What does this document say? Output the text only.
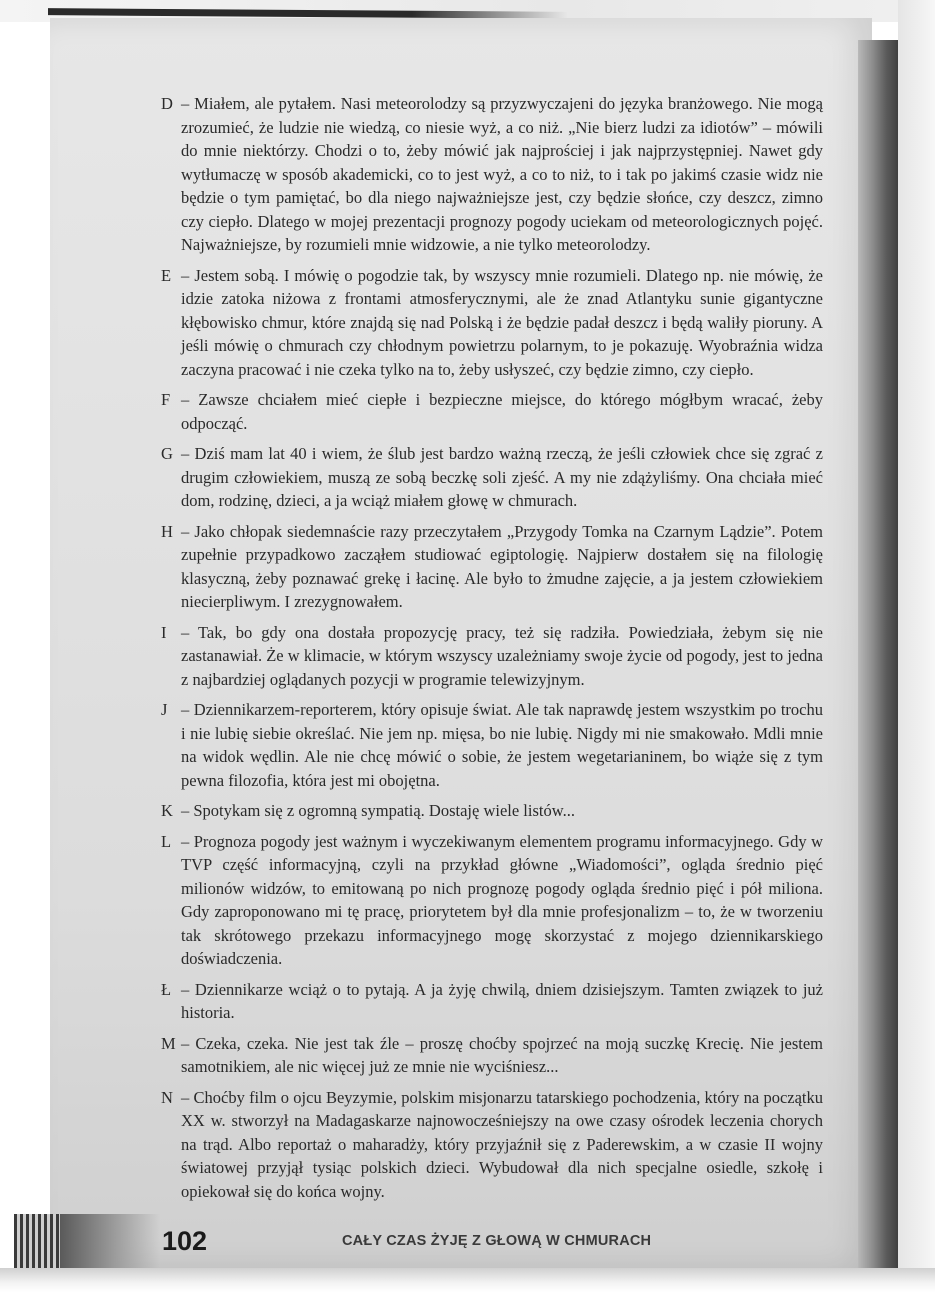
D – Miałem, ale pytałem. Nasi meteorolodzy są przyzwyczajeni do języka branżowego. Nie mogą zrozumieć, że ludzie nie wiedzą, co niesie wyż, a co niż. „Nie bierz ludzi za idiotów” – mówili do mnie niektórzy. Chodzi o to, żeby mówić jak najprościej i jak najprzystępniej. Nawet gdy wytłumaczę w sposób akademicki, co to jest wyż, a co to niż, to i tak po jakimś czasie widz nie będzie o tym pamiętać, bo dla niego najważniejsze jest, czy będzie słońce, czy deszcz, zimno czy ciepło. Dlatego w mojej prezentacji prognozy pogody uciekam od meteorologicznych pojęć. Najważniejsze, by rozumieli mnie widzowie, a nie tylko meteorolodzy.

E – Jestem sobą. I mówię o pogodzie tak, by wszyscy mnie rozumieli. Dlatego np. nie mówię, że idzie zatoka niżowa z frontami atmosferycznymi, ale że znad Atlantyku sunie gigantyczne kłębowisko chmur, które znajdą się nad Polską i że będzie padał deszcz i będą waliły pioruny. A jeśli mówię o chmurach czy chłodnym powietrzu polarnym, to je pokazuję. Wyobraźnia widza zaczyna pracować i nie czeka tylko na to, żeby usłyszeć, czy będzie zimno, czy ciepło.

F – Zawsze chciałem mieć ciepłe i bezpieczne miejsce, do którego mógłbym wracać, żeby odpocząć.

G – Dziś mam lat 40 i wiem, że ślub jest bardzo ważną rzeczą, że jeśli człowiek chce się zgrać z drugim człowiekiem, muszą ze sobą beczkę soli zjeść. A my nie zdążyliśmy. Ona chciała mieć dom, rodzinę, dzieci, a ja wciąż miałem głowę w chmurach.

H – Jako chłopak siedemnaście razy przeczytałem „Przygody Tomka na Czarnym Lądzie”. Potem zupełnie przypadkowo zacząłem studiować egiptologię. Najpierw dostałem się na filologię klasyczną, żeby poznawać grekę i łacinę. Ale było to żmudne zajęcie, a ja jestem człowiekiem niecierpliwym. I zrezygnowałem.

I – Tak, bo gdy ona dostała propozycję pracy, też się radziła. Powiedziała, żebym się nie zastanawiał. Że w klimacie, w którym wszyscy uzależniamy swoje życie od pogody, jest to jedna z najbardziej oglądanych pozycji w programie telewizyjnym.

J – Dziennikarzem-reporterem, który opisuje świat. Ale tak naprawdę jestem wszystkim po trochu i nie lubię siebie określać. Nie jem np. mięsa, bo nie lubię. Nigdy mi nie smakowało. Mdli mnie na widok wędlin. Ale nie chcę mówić o sobie, że jestem wegetarianinem, bo wiąże się z tym pewna filozofia, która jest mi obojętna.

K – Spotykam się z ogromną sympatią. Dostaję wiele listów...

L – Prognoza pogody jest ważnym i wyczekiwanym elementem programu informacyjnego. Gdy w TVP część informacyjną, czyli na przykład główne „Wiadomości”, ogląda średnio pięć milionów widzów, to emitowaną po nich prognozę pogody ogląda średnio pięć i pół miliona. Gdy zaproponowano mi tę pracę, priorytetem był dla mnie profesjonalizm – to, że w tworzeniu tak skrótowego przekazu informacyjnego mogę skorzystać z mojego dziennikarskiego doświadczenia.

Ł – Dziennikarze wciąż o to pytają. A ja żyję chwilą, dniem dzisiejszym. Tamten związek to już historia.

M – Czeka, czeka. Nie jest tak źle – proszę choćby spojrzeć na moją suczkę Krecię. Nie jestem samotnikiem, ale nic więcej już ze mnie nie wyciśniesz...

N – Choćby film o ojcu Beyzymie, polskim misjonarzu tatarskiego pochodzenia, który na początku XX w. stworzył na Madagaskarze najnowocześniejszy na owe czasy ośrodek leczenia chorych na trąd. Albo reportaż o maharadży, który przyjaźnił się z Paderewskim, a w czasie II wojny światowej przyjął tysiąc polskich dzieci. Wybudował dla nich specjalne osiedle, szkołę i opiekował się do końca wojny.

102	CAŁY CZAS ŻYJĘ Z GŁOWĄ W CHMURACH
